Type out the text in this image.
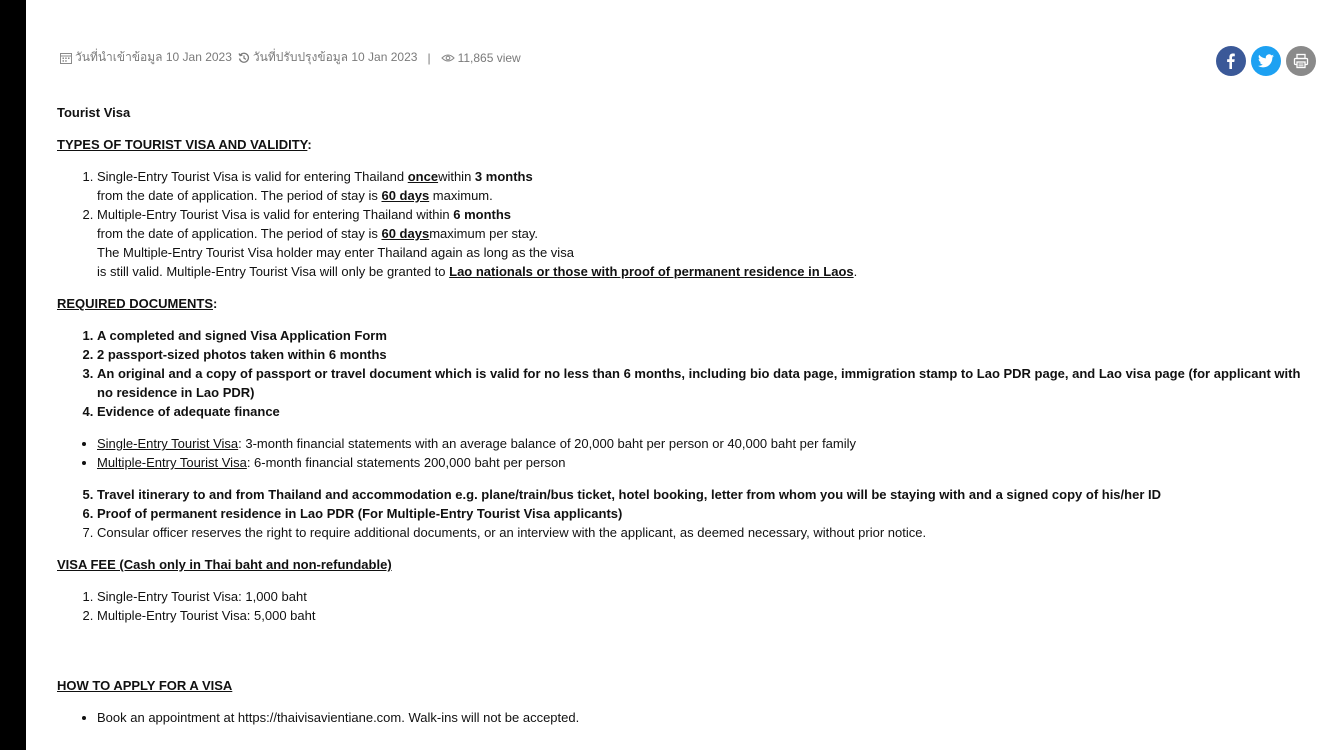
วันที่นำเข้าข้อมูล 10 Jan 2023 วันที่ปรับปรุงข้อมูล 10 Jan 2023 | 11,865 view
Tourist Visa
TYPES OF TOURIST VISA AND VALIDITY:
1. Single-Entry Tourist Visa is valid for entering Thailand oncewithin 3 months
from the date of application. The period of stay is 60 days maximum.
2. Multiple-Entry Tourist Visa is valid for entering Thailand within 6 months
from the date of application. The period of stay is 60 daysmaximum per stay.
The Multiple-Entry Tourist Visa holder may enter Thailand again as long as the visa
is still valid. Multiple-Entry Tourist Visa will only be granted to Lao nationals or those with proof of permanent residence in Laos.
REQUIRED DOCUMENTS:
1. A completed and signed Visa Application Form
2. 2 passport-sized photos taken within 6 months
3. An original and a copy of passport or travel document which is valid for no less than 6 months, including bio data page, immigration stamp to Lao PDR page, and Lao visa page (for applicant with no residence in Lao PDR)
4. Evidence of adequate finance
• Single-Entry Tourist Visa: 3-month financial statements with an average balance of 20,000 baht per person or 40,000 baht per family
• Multiple-Entry Tourist Visa: 6-month financial statements 200,000 baht per person
5. Travel itinerary to and from Thailand and accommodation e.g. plane/train/bus ticket, hotel booking, letter from whom you will be staying with and a signed copy of his/her ID
6. Proof of permanent residence in Lao PDR (For Multiple-Entry Tourist Visa applicants)
7. Consular officer reserves the right to require additional documents, or an interview with the applicant, as deemed necessary, without prior notice.
VISA FEE (Cash only in Thai baht and non-refundable)
1. Single-Entry Tourist Visa: 1,000 baht
2. Multiple-Entry Tourist Visa: 5,000 baht
HOW TO APPLY FOR A VISA
• Book an appointment at https://thaivisavientiane.com. Walk-ins will not be accepted.
